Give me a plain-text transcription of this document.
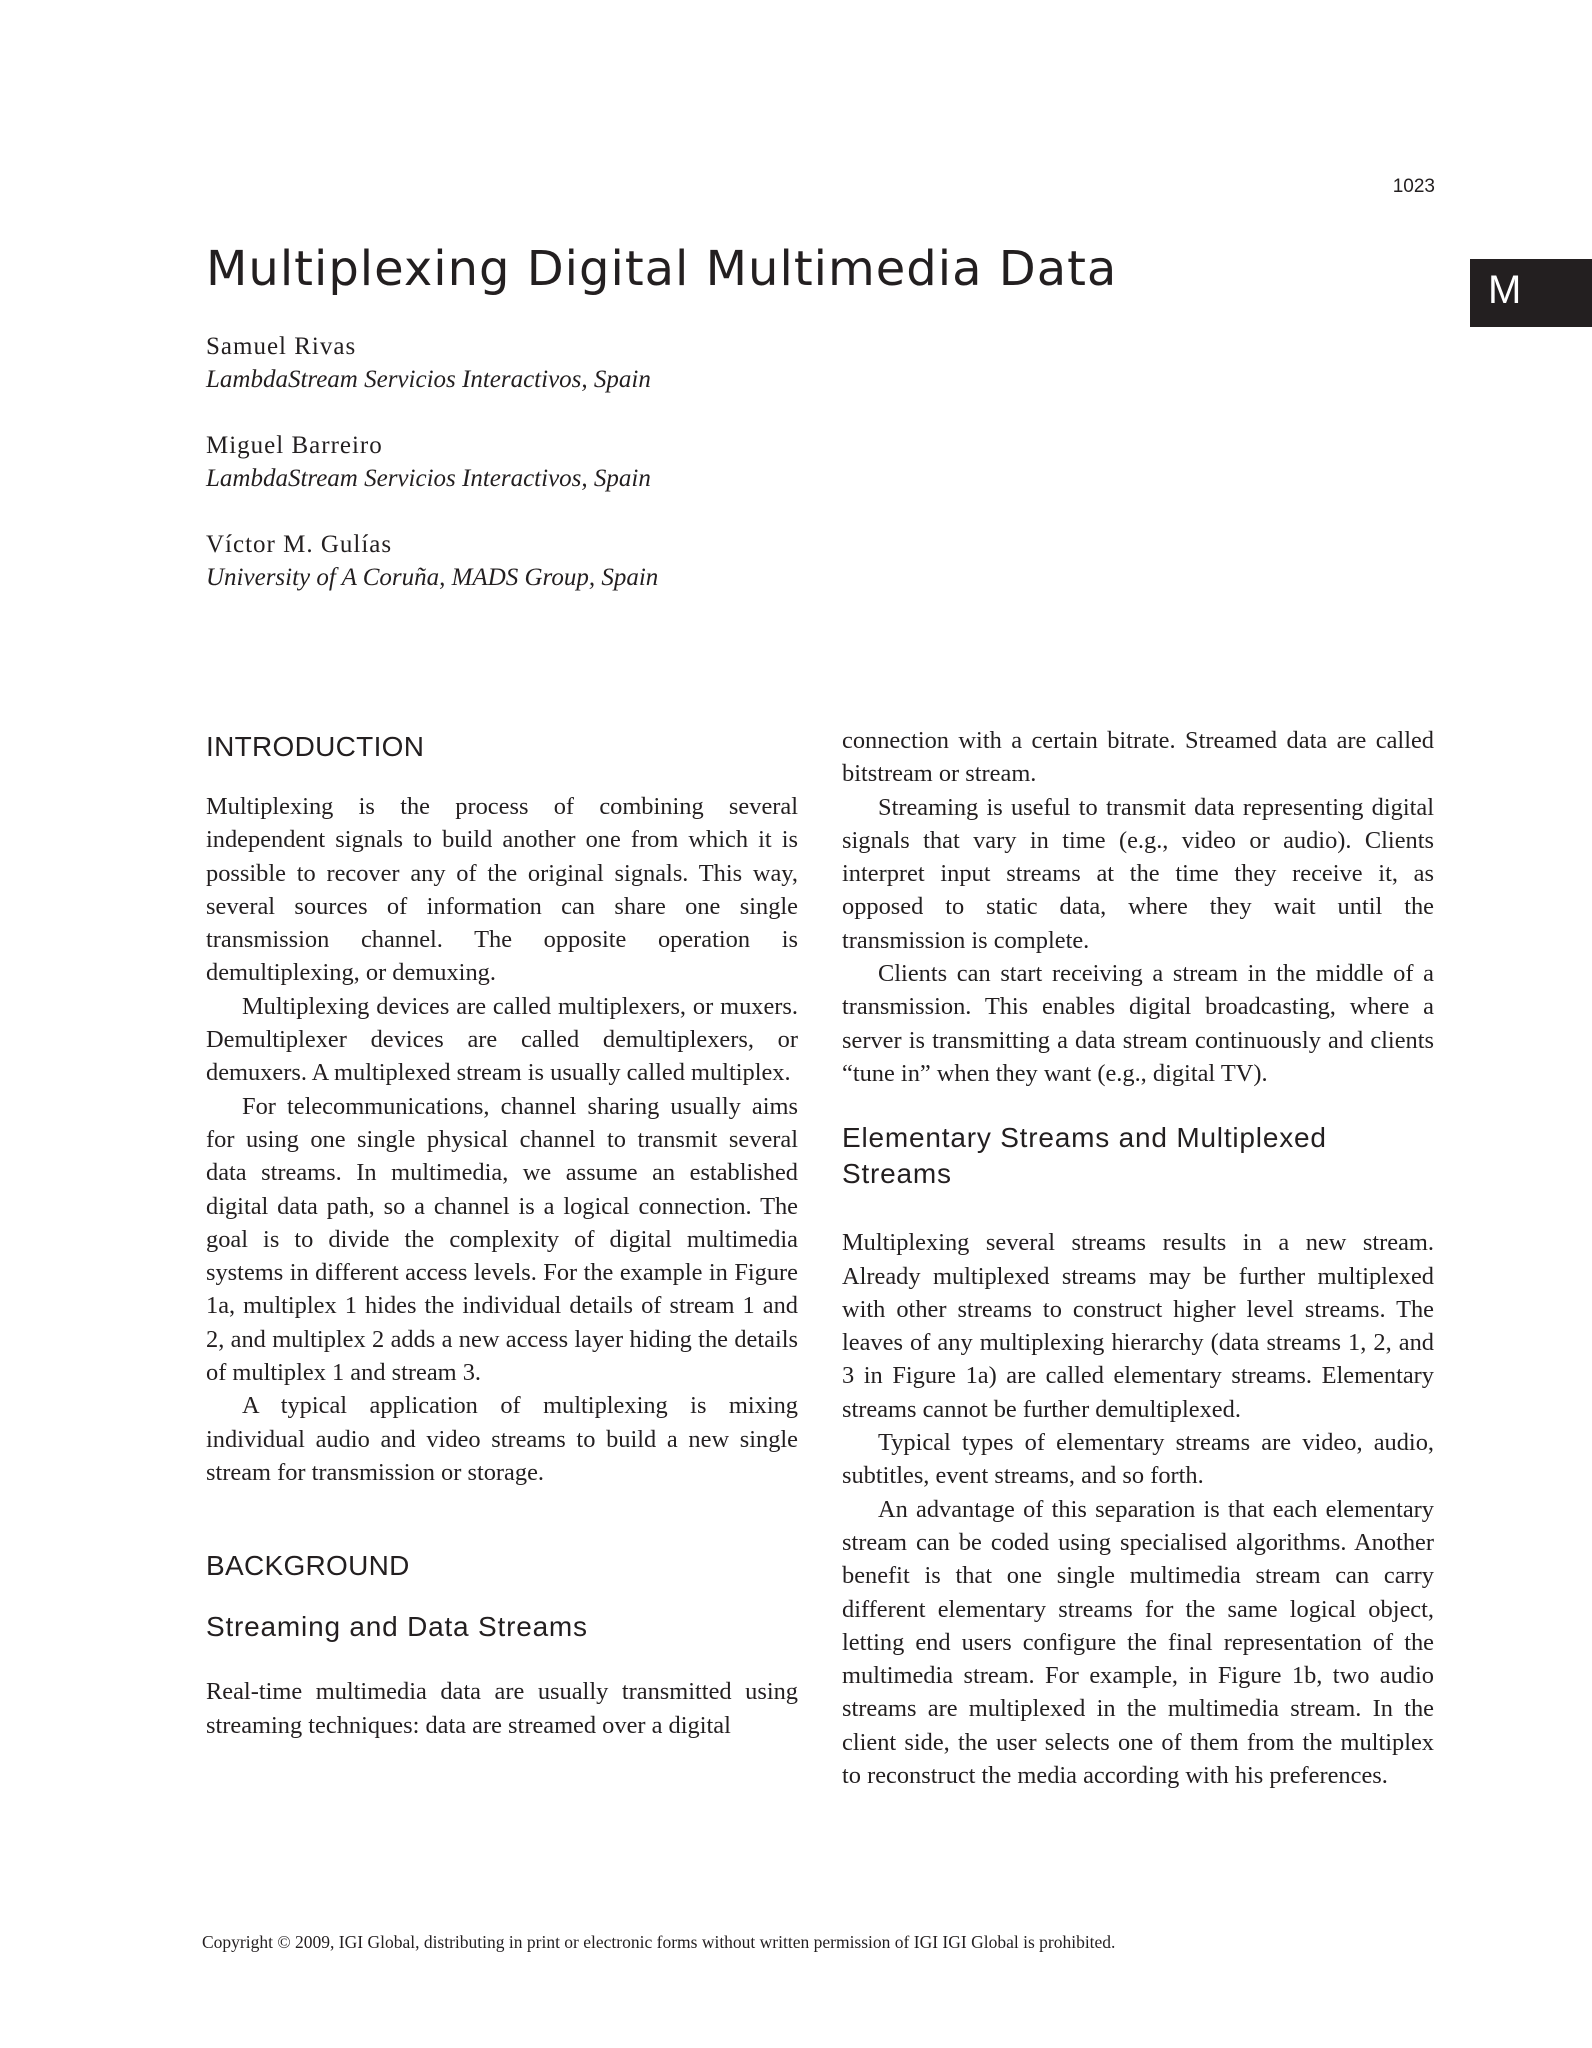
1023
M
Multiplexing Digital Multimedia Data
Samuel Rivas
LambdaStream Servicios Interactivos, Spain
Miguel Barreiro
LambdaStream Servicios Interactivos, Spain
Víctor M. Gulías
University of A Coruña, MADS Group, Spain
INTRODUCTION

Multiplexing is the process of combining several independent signals to build another one from which it is possible to recover any of the original signals. This way, several sources of information can share one single transmission channel. The opposite operation is demultiplexing, or demuxing.

Multiplexing devices are called multiplexers, or muxers. Demultiplexer devices are called demultiplexers, or demuxers. A multiplexed stream is usually called multiplex.

For telecommunications, channel sharing usually aims for using one single physical channel to transmit several data streams. In multimedia, we assume an established digital data path, so a channel is a logical connection. The goal is to divide the complexity of digital multimedia systems in different access levels. For the example in Figure 1a, multiplex 1 hides the individual details of stream 1 and 2, and multiplex 2 adds a new access layer hiding the details of multiplex 1 and stream 3.

A typical application of multiplexing is mixing individual audio and video streams to build a new single stream for transmission or storage.

BACKGROUND
Streaming and Data Streams

Real-time multimedia data are usually transmitted using streaming techniques: data are streamed over a digital

connection with a certain bitrate. Streamed data are called bitstream or stream.

Streaming is useful to transmit data representing digital signals that vary in time (e.g., video or audio). Clients interpret input streams at the time they receive it, as opposed to static data, where they wait until the transmission is complete.

Clients can start receiving a stream in the middle of a transmission. This enables digital broadcasting, where a server is transmitting a data stream continuously and clients “tune in” when they want (e.g., digital TV).

Elementary Streams and Multiplexed Streams

Multiplexing several streams results in a new stream. Already multiplexed streams may be further multiplexed with other streams to construct higher level streams. The leaves of any multiplexing hierarchy (data streams 1, 2, and 3 in Figure 1a) are called elementary streams. Elementary streams cannot be further demultiplexed.

Typical types of elementary streams are video, audio, subtitles, event streams, and so forth.

An advantage of this separation is that each elementary stream can be coded using specialised algorithms. Another benefit is that one single multimedia stream can carry different elementary streams for the same logical object, letting end users configure the final representation of the multimedia stream. For example, in Figure 1b, two audio streams are multiplexed in the multimedia stream. In the client side, the user selects one of them from the multiplex to reconstruct the media according with his preferences.

Copyright © 2009, IGI Global, distributing in print or electronic forms without written permission of IGI IGI Global is prohibited.
